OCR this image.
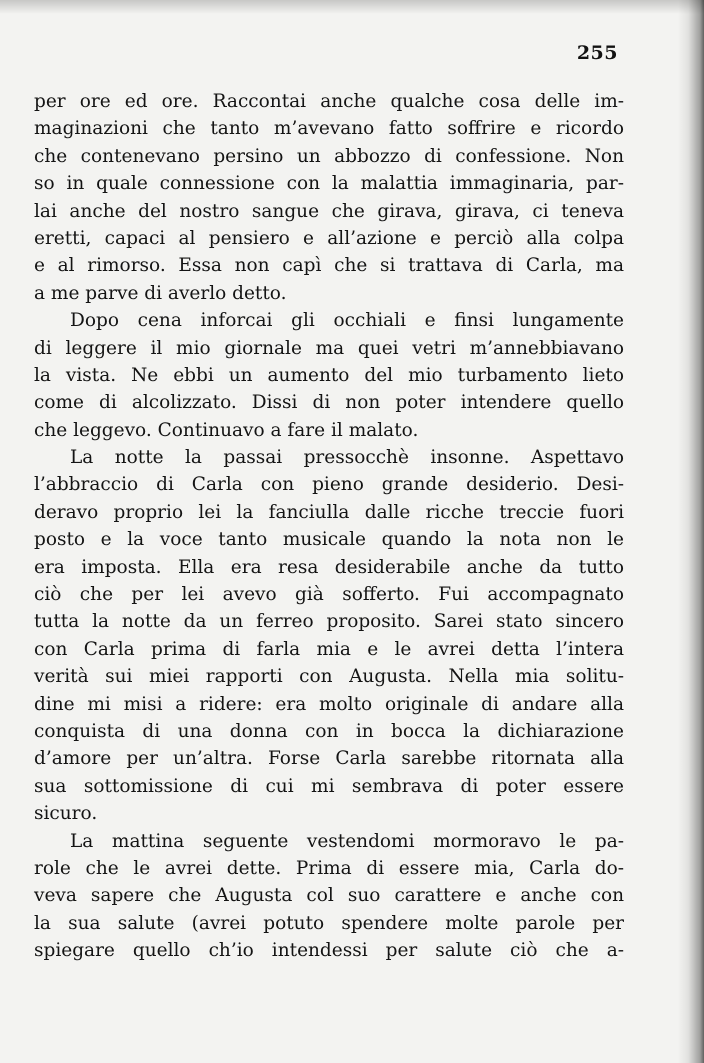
255
per ore ed ore. Raccontai anche qualche cosa delle im-
maginazioni che tanto m’avevano fatto soffrire e ricordo
che contenevano persino un abbozzo di confessione. Non
so in quale connessione con la malattia immaginaria, par-
lai anche del nostro sangue che girava, girava, ci teneva
eretti, capaci al pensiero e all’azione e perciò alla colpa
e al rimorso. Essa non capì che si trattava di Carla, ma
a me parve di averlo detto.
Dopo cena inforcai gli occhiali e finsi lungamente
di leggere il mio giornale ma quei vetri m’annebbiavano
la vista. Ne ebbi un aumento del mio turbamento lieto
come di alcolizzato. Dissi di non poter intendere quello
che leggevo. Continuavo a fare il malato.
La notte la passai pressocchè insonne. Aspettavo
l’abbraccio di Carla con pieno grande desiderio. Desi-
deravo proprio lei la fanciulla dalle ricche treccie fuori
posto e la voce tanto musicale quando la nota non le
era imposta. Ella era resa desiderabile anche da tutto
ciò che per lei avevo già sofferto. Fui accompagnato
tutta la notte da un ferreo proposito. Sarei stato sincero
con Carla prima di farla mia e le avrei detta l’intera
verità sui miei rapporti con Augusta. Nella mia solitu-
dine mi misi a ridere: era molto originale di andare alla
conquista di una donna con in bocca la dichiarazione
d’amore per un’altra. Forse Carla sarebbe ritornata alla
sua sottomissione di cui mi sembrava di poter essere
sicuro.
La mattina seguente vestendomi mormoravo le pa-
role che le avrei dette. Prima di essere mia, Carla do-
veva sapere che Augusta col suo carattere e anche con
la sua salute (avrei potuto spendere molte parole per
spiegare quello ch’io intendessi per salute ciò che a-
